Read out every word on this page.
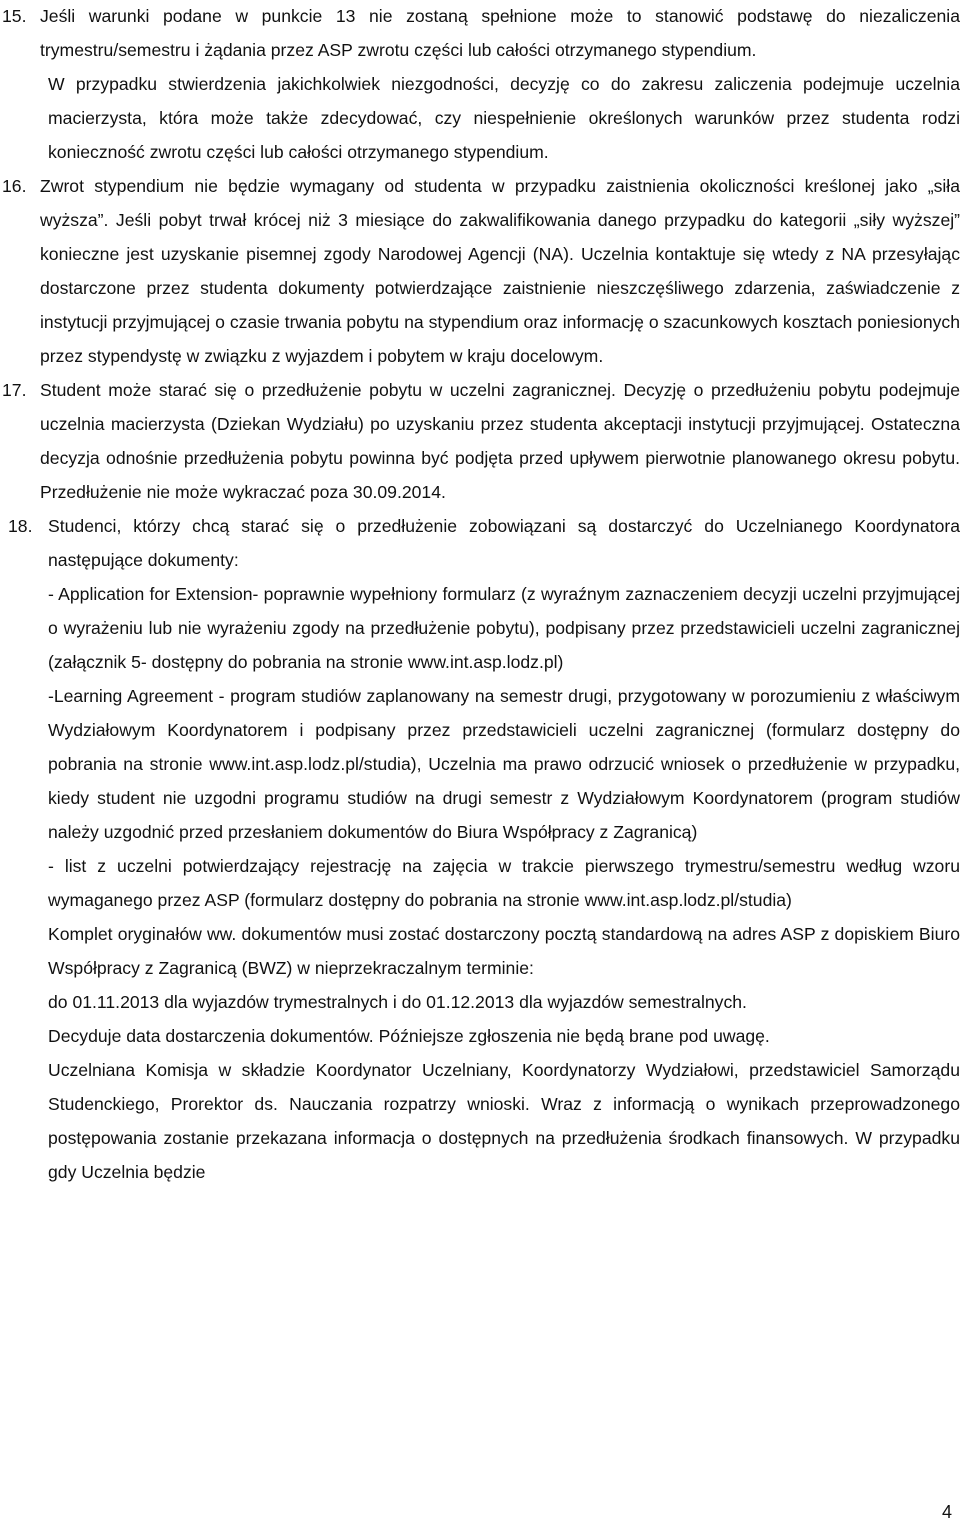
15. Jeśli warunki podane w punkcie 13 nie zostaną spełnione może to stanowić podstawę do niezaliczenia trymestru/semestru i żądania przez ASP zwrotu części lub całości otrzymanego stypendium.

W przypadku stwierdzenia jakichkolwiek niezgodności, decyzję co do zakresu zaliczenia podejmuje uczelnia macierzysta, która może także zdecydować, czy niespełnienie określonych warunków przez studenta rodzi konieczność zwrotu części lub całości otrzymanego stypendium.

16. Zwrot stypendium nie będzie wymagany od studenta w przypadku zaistnienia okoliczności kreślonej jako „siła wyższa”. Jeśli pobyt trwał krócej niż 3 miesiące do zakwalifikowania danego przypadku do kategorii „siły wyższej” konieczne jest uzyskanie pisemnej zgody Narodowej Agencji (NA). Uczelnia kontaktuje się wtedy z NA przesyłając dostarczone przez studenta dokumenty potwierdzające zaistnienie nieszczęśliwego zdarzenia, zaświadczenie z instytucji przyjmującej o czasie trwania pobytu na stypendium oraz informację o szacunkowych kosztach poniesionych przez stypendystę w związku z wyjazdem i pobytem w kraju docelowym.

17. Student może starać się o przedłużenie pobytu w uczelni zagranicznej. Decyzję o przedłużeniu pobytu podejmuje uczelnia macierzysta (Dziekan Wydziału) po uzyskaniu przez studenta akceptacji instytucji przyjmującej. Ostateczna decyzja odnośnie przedłużenia pobytu powinna być podjęta przed upływem pierwotnie planowanego okresu pobytu. Przedłużenie nie może wykraczać poza 30.09.2014.

18. Studenci, którzy chcą starać się o przedłużenie zobowiązani są dostarczyć do Uczelnianego Koordynatora następujące dokumenty:

- Application for Extension- poprawnie wypełniony formularz (z wyraźnym zaznaczeniem decyzji uczelni przyjmującej o wyrażeniu lub nie wyrażeniu zgody na przedłużenie pobytu), podpisany przez przedstawicieli uczelni zagranicznej (załącznik 5- dostępny do pobrania na stronie www.int.asp.lodz.pl)

-Learning Agreement - program studiów zaplanowany na semestr drugi, przygotowany w porozumieniu z właściwym Wydziałowym Koordynatorem i podpisany przez przedstawicieli uczelni zagranicznej (formularz dostępny do pobrania na stronie www.int.asp.lodz.pl/studia), Uczelnia ma prawo odrzucić wniosek o przedłużenie w przypadku, kiedy student nie uzgodni programu studiów na drugi semestr z Wydziałowym Koordynatorem (program studiów należy uzgodnić przed przesłaniem dokumentów do Biura Współpracy z Zagranicą)

- list z uczelni potwierdzający rejestrację na zajęcia w trakcie pierwszego trymestru/semestru według wzoru wymaganego przez ASP (formularz dostępny do pobrania na stronie www.int.asp.lodz.pl/studia)

Komplet oryginałów ww. dokumentów musi zostać dostarczony pocztą standardową na adres ASP z dopiskiem Biuro Współpracy z Zagranicą (BWZ) w nieprzekraczalnym terminie:

do 01.11.2013 dla wyjazdów trymestralnych i do 01.12.2013 dla wyjazdów semestralnych.

Decyduje data dostarczenia dokumentów. Późniejsze zgłoszenia nie będą brane pod uwagę.

Uczelniana Komisja w składzie Koordynator Uczelniany, Koordynatorzy Wydziałowi, przedstawiciel Samorządu Studenckiego, Prorektor ds. Nauczania rozpatrzy wnioski. Wraz z informacją o wynikach przeprowadzonego postępowania zostanie przekazana informacja o dostępnych na przedłużenia środkach finansowych. W przypadku gdy Uczelnia będzie

4
